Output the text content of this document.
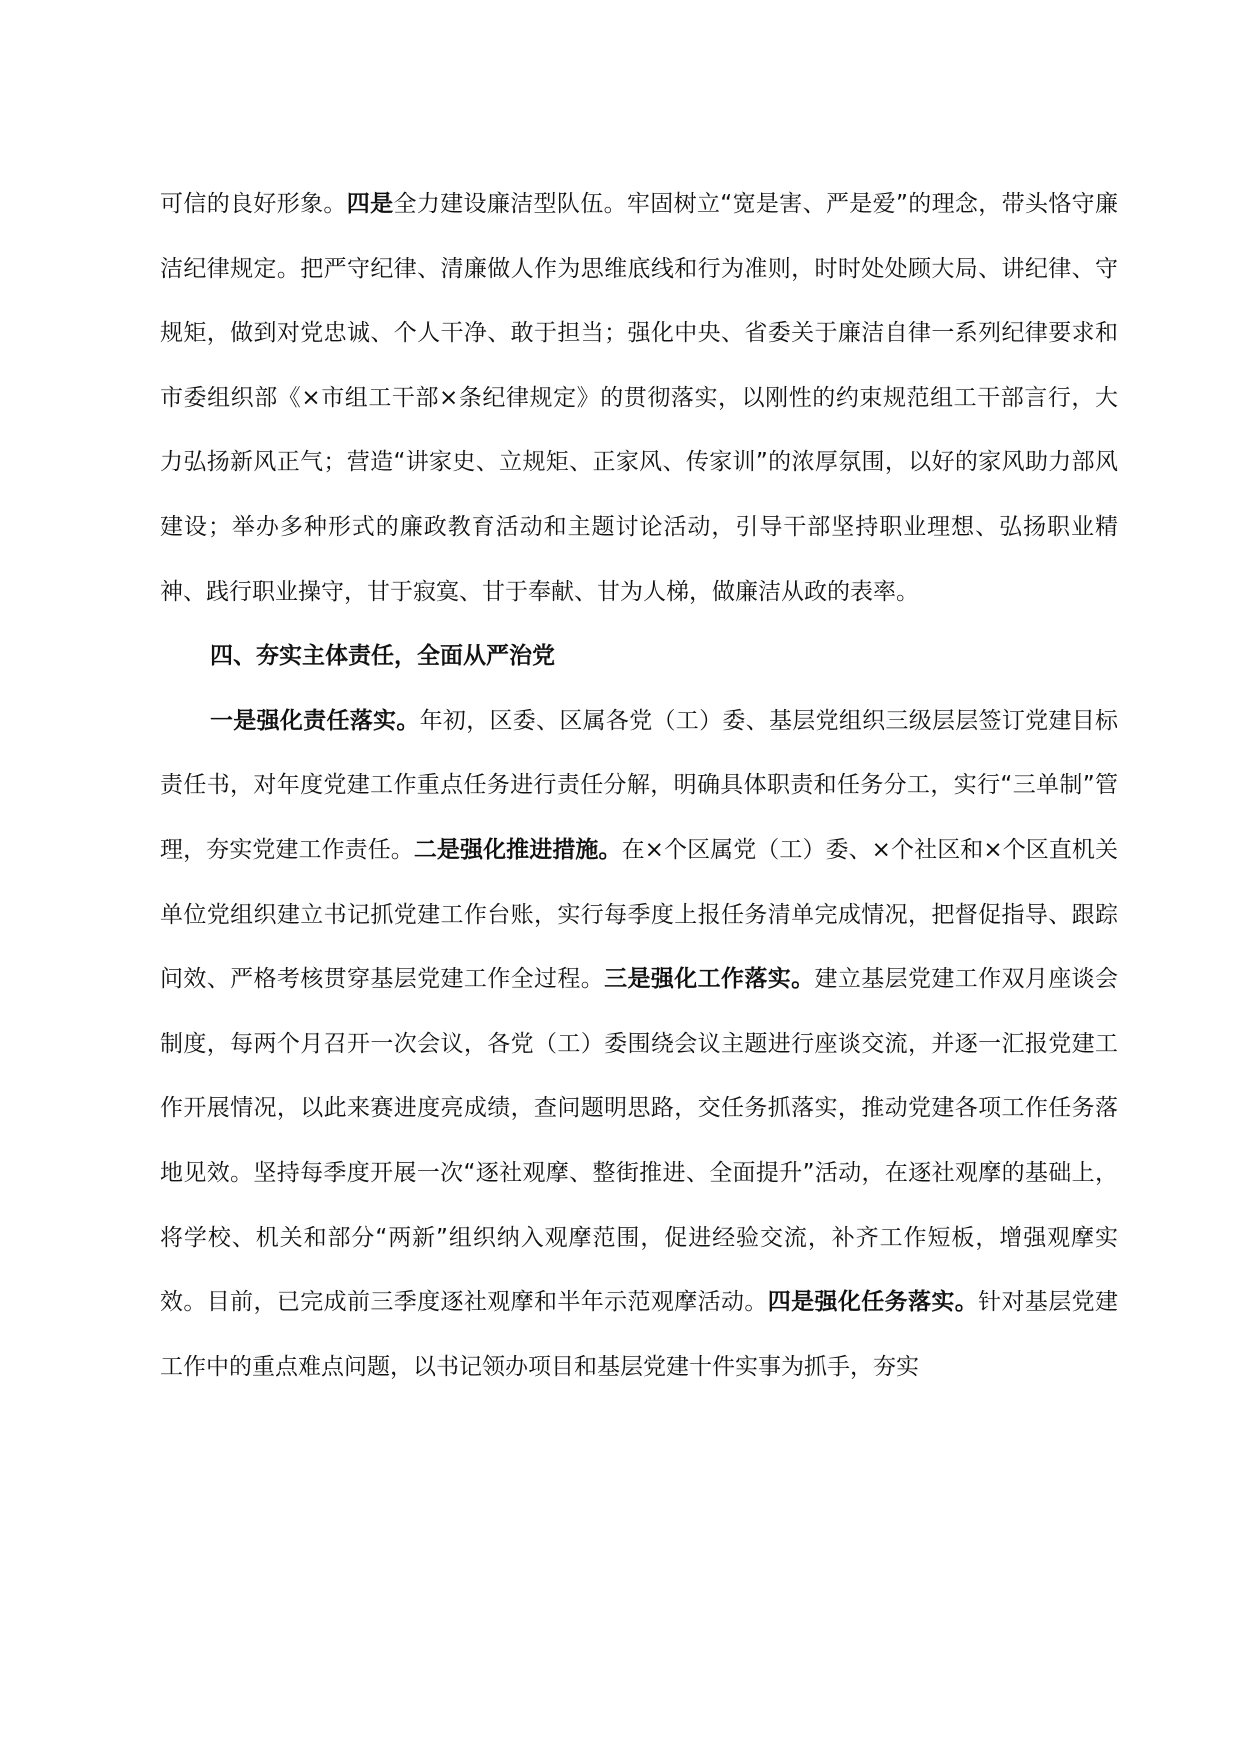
可信的良好形象。四是全力建设廉洁型队伍。牢固树立“宽是害、严是爱”的理念，带头恪守廉洁纪律规定。把严守纪律、清廉做人作为思维底线和行为准则，时时处处顾大局、讲纪律、守规矩，做到对党忠诚、个人干净、敢于担当；强化中央、省委关于廉洁自律一系列纪律要求和市委组织部《×市组工干部×条纪律规定》的贯彻落实，以刚性的约束规范组工干部言行，大力弘扬新风正气；营造“讲家史、立规矩、正家风、传家训”的浓厚氛围，以好的家风助力部风建设；举办多种形式的廉政教育活动和主题讨论活动，引导干部坚持职业理想、弘扬职业精神、践行职业操守，甘于寂寞、甘于奉献、甘为人梯，做廉洁从政的表率。

四、夯实主体责任，全面从严治党

一是强化责任落实。年初，区委、区属各党（工）委、基层党组织三级层层签订党建目标责任书，对年度党建工作重点任务进行责任分解，明确具体职责和任务分工，实行“三单制”管理，夯实党建工作责任。二是强化推进措施。在×个区属党（工）委、×个社区和×个区直机关单位党组织建立书记抓党建工作台账，实行每季度上报任务清单完成情况，把督促指导、跟踪问效、严格考核贯穿基层党建工作全过程。三是强化工作落实。建立基层党建工作双月座谈会制度，每两个月召开一次会议，各党（工）委围绕会议主题进行座谈交流，并逐一汇报党建工作开展情况，以此来赛进度亮成绩，查问题明思路，交任务抓落实，推动党建各项工作任务落地见效。坚持每季度开展一次“逐社观摩、整街推进、全面提升”活动，在逐社观摩的基础上，将学校、机关和部分“两新”组织纳入观摩范围，促进经验交流，补齐工作短板，增强观摩实效。目前，已完成前三季度逐社观摩和半年示范观摩活动。四是强化任务落实。针对基层党建工作中的重点难点问题，以书记领办项目和基层党建十件实事为抓手，夯实
